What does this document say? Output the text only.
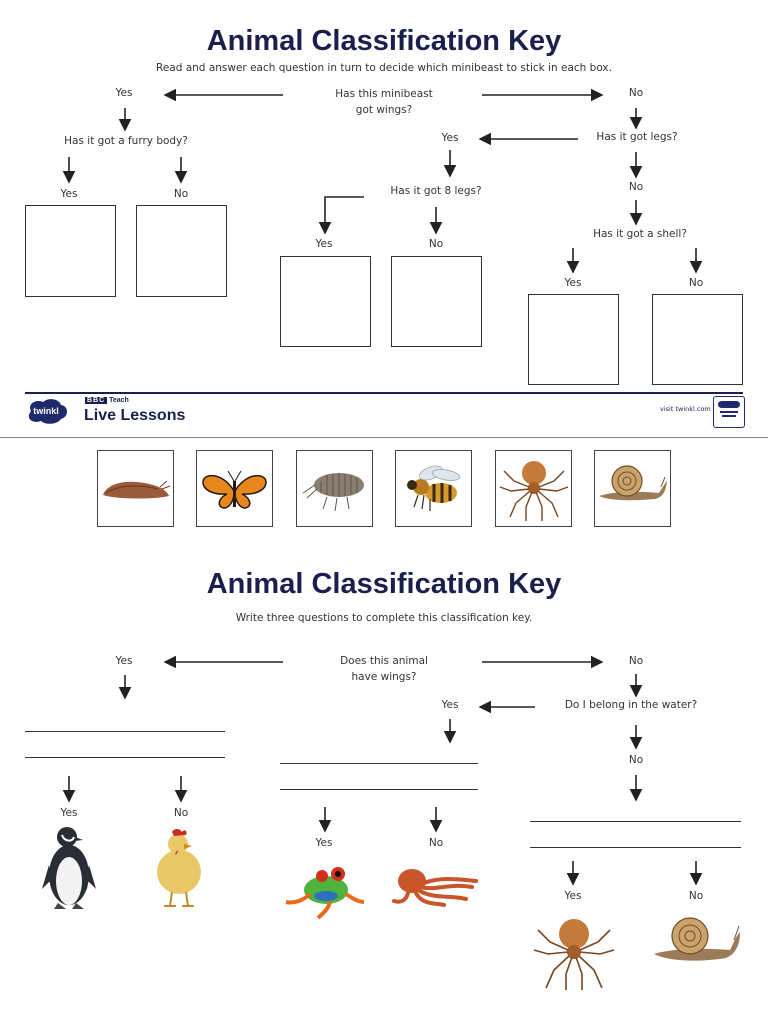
Animal Classification Key
Read and answer each question in turn to decide which minibeast to stick in each box.
Yes	Has this minibeast
got wings?
No
Has it got a furry body?	Yes	Has it got legs?
Yes	No	Has it got 8 legs?	No
Yes	No
Has it got a shell?
Yes	No
twinkl
BBC Teach
Live Lessons	visit twinkl.com
Animal Classification Key
Write three questions to complete this classification key.
Yes	Does this animal
have wings?
No
Yes	Do I belong in the water?
No
Yes	No
Yes	No
Yes	No
